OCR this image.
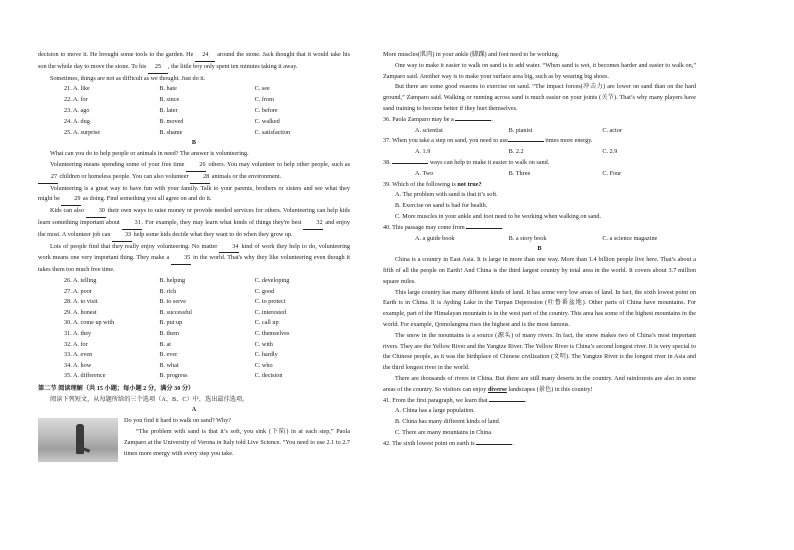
decision to move it. He brought some tools to the garden. He 24 around the stone. Jack thought that it would take his son the whole day to move the stone. To his 25 , the little boy only spent ten minutes taking it away.

Sometimes, things are not as difficult as we thought. Just do it.

21. A. like	B. hate	C. see
22. A. for	B. since	C. from
23. A. ago	B. later	C. before
24. A. dug	B. moved	C. walked
25. A. surprise	B. shame	C. satisfaction
B

What can you do to help people or animals in need? The answer is volunteering.

Volunteering means spending some of your free time 26 others. You may volunteer to help other people, such as 27 children or homeless people. You can also volunteer 28 animals or the environment.

Volunteering is a great way to have fun with your family. Talk to your parents, brothers or sisters and see what they might be 29 as doing. Find something you all agree on and do it.

Kids can also 30 their own ways to raise money or provide needed services for others. Volunteering can help kids learn something important about 31. For example, they may learn what kinds of things they're best 32 and enjoy the most. A volunteer job can 33 help some kids decide what they want to do when they grow up.

Lots of people find that they really enjoy volunteering. No matter 34 kind of work they help to do, volunteering work means one very important thing. They make a 35 in the world. That's why they like volunteering even though it takes them too much free time.

26. A. telling	B. helping	C. developing
27. A. poor	B. rich	C. good
28. A. to visit	B. to serve	C. to protect
29. A. honest	B. successful	C. interested
30. A. come up with	B. put up	C. call up
31. A. they	B. them	C. themselves
32. A. for	B. at	C. with
33. A. even	B. ever	C. hardly
34. A. how	B. what	C. who
35. A. difference	B. progress	C. decision
第二节 阅读理解（共 15 小题；每小题 2 分，满分 30 分）
阅读下列短文，从每题所给的三个选项（A、B、C）中，选出最佳选项。
A
Do you find it hard to walk on sand? Why?

“The problem with sand is that it’s soft, you sink (下陷) in at each step,” Paola Zamparo at the University of Verona in Italy told Live Science. “You need to use 2.1 to 2.7 times more energy with every step you take.

More muscles(肌肉) in your ankle (脚踝) and foot need to be working.

One way to make it easier to walk on sand is to add water. “When sand is wet, it becomes harder and easier to walk on,” Zamparo said. Another way is to make your surface area big, such as by wearing big shoes.

But there are some good reasons to exercise on sand. “The impact forces(冲击力) are lower on sand than on the hard ground,” Zamparo said. Walking or running across sand is much easier on your joints (关节). That’s why many players have sand training to become better if they hurt themselves.

36. Paola Zamparo may be a	.
A. scientist	B. pianist	C. actor
37. When you take a step on sand, you need to use	times more energy.
A. 1.9	B. 2.2	C. 2.9
38.	ways can help to make it easier to walk on sand.
A. Two	B. Three	C. Four
39. Which of the following is not true?
A. The problem with sand is that it’s soft.
B. Exercise on sand is bad for health.
C. More muscles in your ankle and foot need to be working when walking on sand.
40. This passage may come from	.
A. a guide book	B. a story book	C. a science magazine
B

China is a country in East Asia. It is large in more than one way. More than 1.4 billion people live here. That’s about a fifth of all the people on Earth! And China is the third largest country by total area in the world. It covers about 3.7 million square miles.

This large country has many different kinds of land. It has some very low areas of land. In fact, the sixth lowest point on Earth is in China. It is Ayding Lake in the Turpan Depression (吐鲁番盆地). Other parts of China have mountains. For example, part of the Himalayan mountain is in the west part of the country. This area has some of the highest mountains in the world. For example, Qomolangma rises the highest and is the most famous.

The snow in the mountains is a source (源头) of many rivers. In fact, the snow makes two of China’s most important rivers. They are the Yellow River and the Yangtze River. The Yellow River is China’s second longest river. It is very special to the Chinese people, as it was the birthplace of Chinese civilization (文明). The Yangtze River is the longest river in Asia and the third longest river in the world.

There are thousands of rivers in China. But there are still many deserts in the country. And rainforests are also in some areas of the country. So visitors can enjoy diverse landscapes (景色) in this country!

41. From the first paragraph, we learn that	.
A. China has a large population.
B. China has many different kinds of land.
C. There are many mountains in China.
42. The sixth lowest point on earth is	.
